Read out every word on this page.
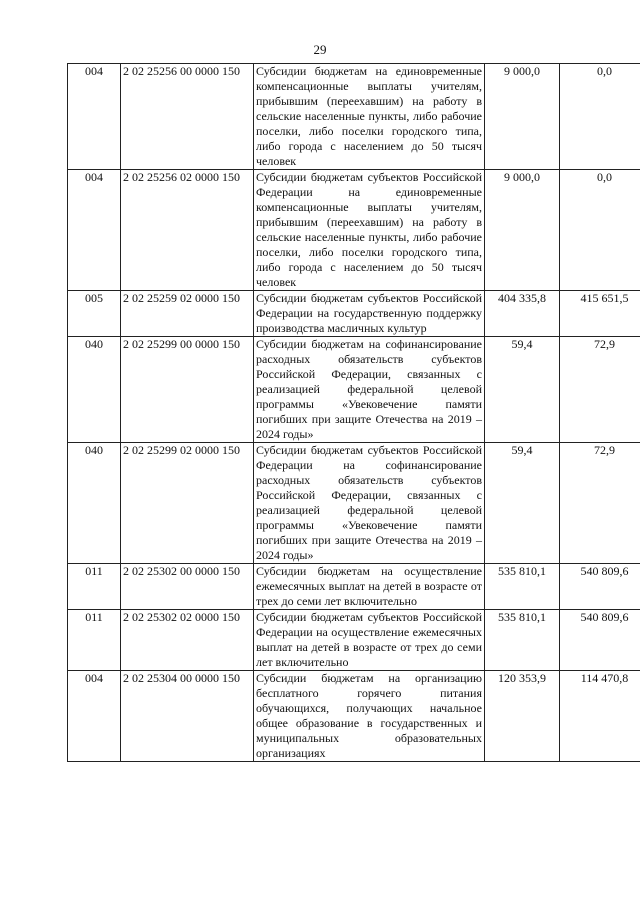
29
004	2 02 25256 00 0000 150	Субсидии бюджетам на единовременные компенсационные выплаты учителям, прибывшим (переехавшим) на работу в сельские населенные пункты, либо рабочие поселки, либо поселки городского типа, либо города с населением до 50 тысяч человек	9 000,0	0,0
004	2 02 25256 02 0000 150	Субсидии бюджетам субъектов Российской Федерации на единовременные компенсационные выплаты учителям, прибывшим (переехавшим) на работу в сельские населенные пункты, либо рабочие поселки, либо поселки городского типа, либо города с населением до 50 тысяч человек	9 000,0	0,0
005	2 02 25259 02 0000 150	Субсидии бюджетам субъектов Российской Федерации на государственную поддержку производства масличных культур	404 335,8	415 651,5
040	2 02 25299 00 0000 150	Субсидии бюджетам на софинансирование расходных обязательств субъектов Российской Федерации, связанных с реализацией федеральной целевой программы «Увековечение памяти погибших при защите Отечества на 2019 – 2024 годы»	59,4	72,9
040	2 02 25299 02 0000 150	Субсидии бюджетам субъектов Российской Федерации на софинансирование расходных обязательств субъектов Российской Федерации, связанных с реализацией федеральной целевой программы «Увековечение памяти погибших при защите Отечества на 2019 – 2024 годы»	59,4	72,9
011	2 02 25302 00 0000 150	Субсидии бюджетам на осуществление ежемесячных выплат на детей в возрасте от трех до семи лет включительно	535 810,1	540 809,6
011	2 02 25302 02 0000 150	Субсидии бюджетам субъектов Российской Федерации на осуществление ежемесячных выплат на детей в возрасте от трех до семи лет включительно	535 810,1	540 809,6
004	2 02 25304 00 0000 150	Субсидии бюджетам на организацию бесплатного горячего питания обучающихся, получающих начальное общее образование в государственных и муниципальных образовательных организациях	120 353,9	114 470,8
